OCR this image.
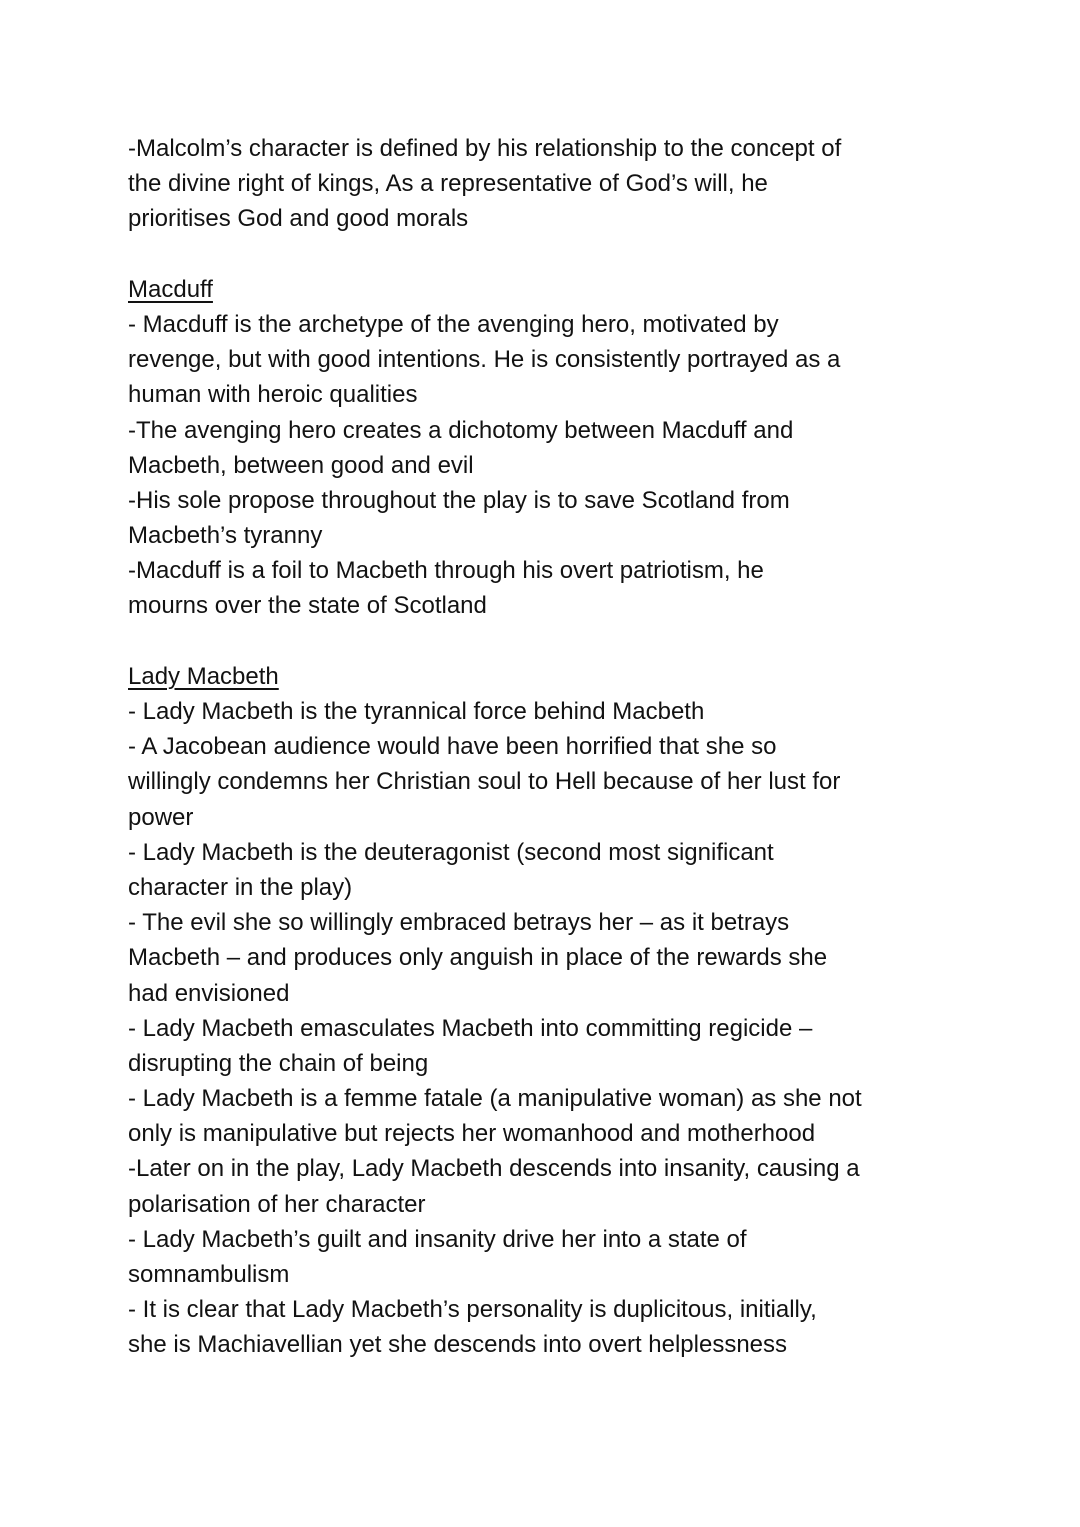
-Malcolm’s character is defined by his relationship to the concept of
the divine right of kings, As a representative of God’s will, he
prioritises God and good morals

Macduff
- Macduff is the archetype of the avenging hero, motivated by
revenge, but with good intentions. He is consistently portrayed as a
human with heroic qualities
-The avenging hero creates a dichotomy between Macduff and
Macbeth, between good and evil
-His sole propose throughout the play is to save Scotland from
Macbeth’s tyranny
-Macduff is a foil to Macbeth through his overt patriotism, he
mourns over the state of Scotland

Lady Macbeth
- Lady Macbeth is the tyrannical force behind Macbeth
- A Jacobean audience would have been horrified that she so
willingly condemns her Christian soul to Hell because of her lust for
power
- Lady Macbeth is the deuteragonist (second most significant
character in the play)
- The evil she so willingly embraced betrays her – as it betrays
Macbeth – and produces only anguish in place of the rewards she
had envisioned
- Lady Macbeth emasculates Macbeth into committing regicide –
disrupting the chain of being
- Lady Macbeth is a femme fatale (a manipulative woman) as she not
only is manipulative but rejects her womanhood and motherhood
-Later on in the play, Lady Macbeth descends into insanity, causing a
polarisation of her character
- Lady Macbeth’s guilt and insanity drive her into a state of
somnambulism
- It is clear that Lady Macbeth’s personality is duplicitous, initially,
she is Machiavellian yet she descends into overt helplessness
